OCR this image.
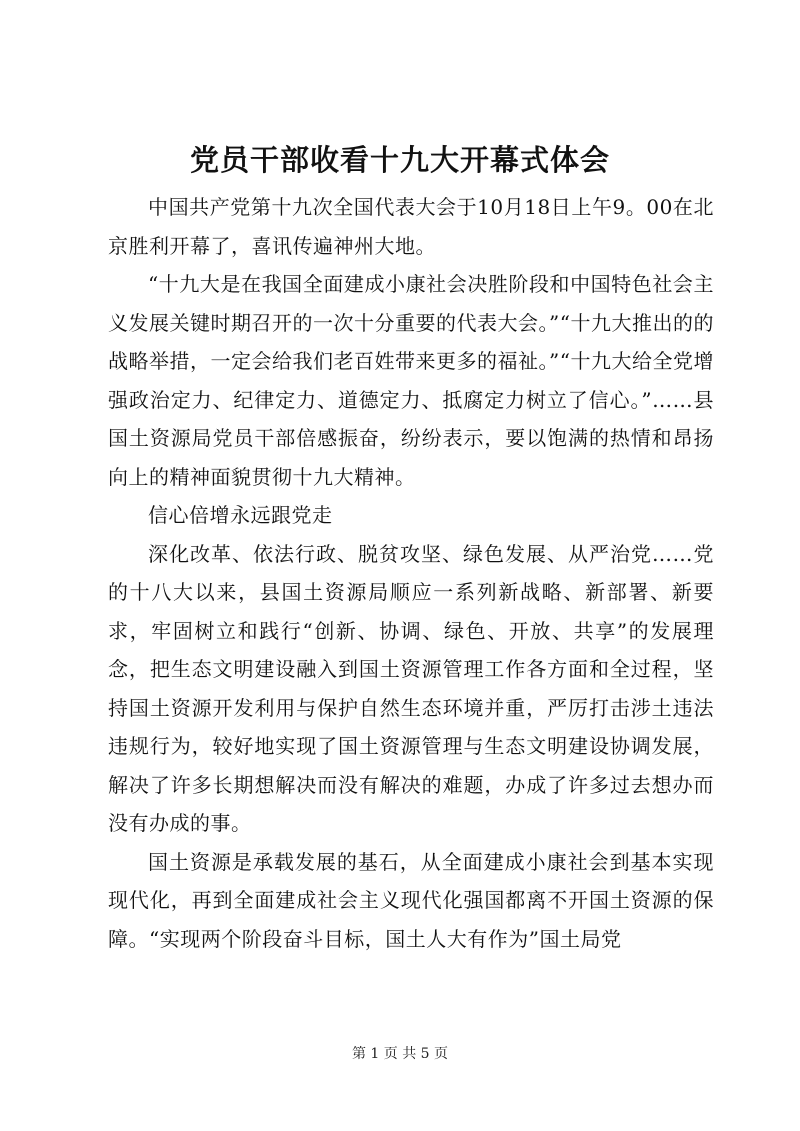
党员干部收看十九大开幕式体会

中国共产党第十九次全国代表大会于10月18日上午9。00在北京胜利开幕了，喜讯传遍神州大地。

“十九大是在我国全面建成小康社会决胜阶段和中国特色社会主义发展关键时期召开的一次十分重要的代表大会。”“十九大推出的的战略举措，一定会给我们老百姓带来更多的福祉。”“十九大给全党增强政治定力、纪律定力、道德定力、抵腐定力树立了信心。”……县国土资源局党员干部倍感振奋，纷纷表示，要以饱满的热情和昂扬向上的精神面貌贯彻十九大精神。

信心倍增永远跟党走

深化改革、依法行政、脱贫攻坚、绿色发展、从严治党……党的十八大以来，县国土资源局顺应一系列新战略、新部署、新要求，牢固树立和践行“创新、协调、绿色、开放、共享”的发展理念，把生态文明建设融入到国土资源管理工作各方面和全过程，坚持国土资源开发利用与保护自然生态环境并重，严厉打击涉土违法违规行为，较好地实现了国土资源管理与生态文明建设协调发展，解决了许多长期想解决而没有解决的难题，办成了许多过去想办而没有办成的事。

国土资源是承载发展的基石，从全面建成小康社会到基本实现现代化，再到全面建成社会主义现代化强国都离不开国土资源的保障。“实现两个阶段奋斗目标，国土人大有作为”国土局党

第 1 页 共 5 页
